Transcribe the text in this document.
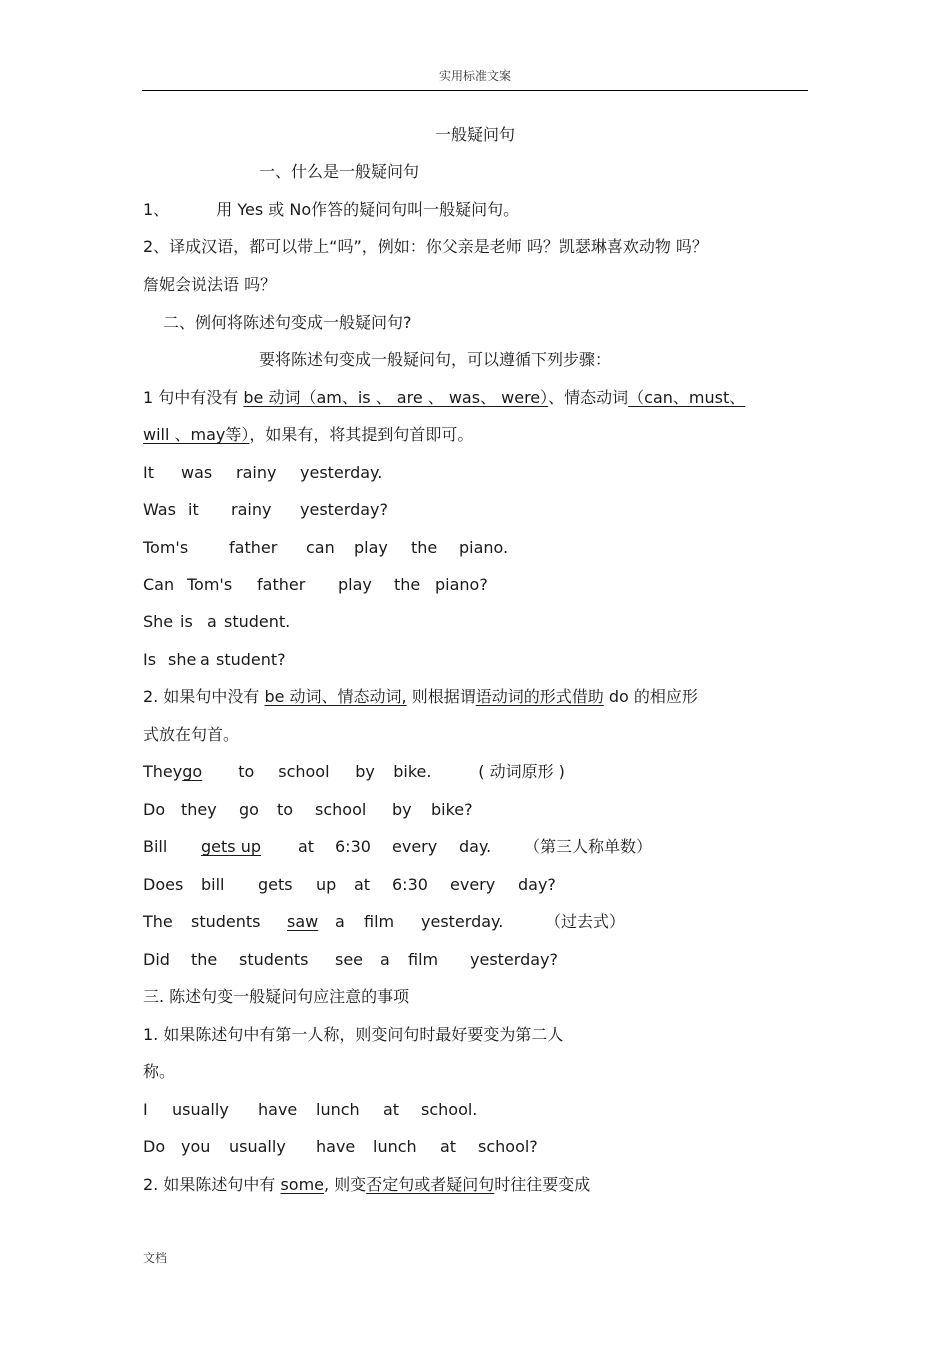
实用标准文案
一般疑问句
一、什么是一般疑问句
1、	用 Yes 或 No作答的疑问句叫一般疑问句。
2、译成汉语，都可以带上“吗”，例如：你父亲是老师 吗？凯瑟琳喜欢动物 吗？
詹妮会说法语 吗？
二、例何将陈述句变成一般疑问句?
要将陈述句变成一般疑问句，可以遵循下列步骤：
1 句中有没有 be 动词（am、is 、 are 、 was、 were）、情态动词（can、must、
will 、may等），如果有，将其提到句首即可。
It was rainy yesterday.
Was it rainy yesterday?
Tom's	father can play the piano.
Can Tom's father play the piano?
She is a student.
Is she a student?
2. 如果句中没有 be 动词、情态动词, 则根据谓语动词的形式借助 do 的相应形
式放在句首。
Theygo to school by bike.	( 动词原形 )
Do they go to school by bike?
Bill gets up at 6:30 every day. （第三人称单数）
Does bill gets up at 6:30 every day?
The students saw a film yesterday.	（过去式）
Did the students see a film yesterday?
三. 陈述句变一般疑问句应注意的事项
1. 如果陈述句中有第一人称，则变问句时最好要变为第二人
称。
I usually have lunch at school.
Do you usually have lunch at school?
2. 如果陈述句中有 some, 则变否定句或者疑问句时往往要变成
文档
